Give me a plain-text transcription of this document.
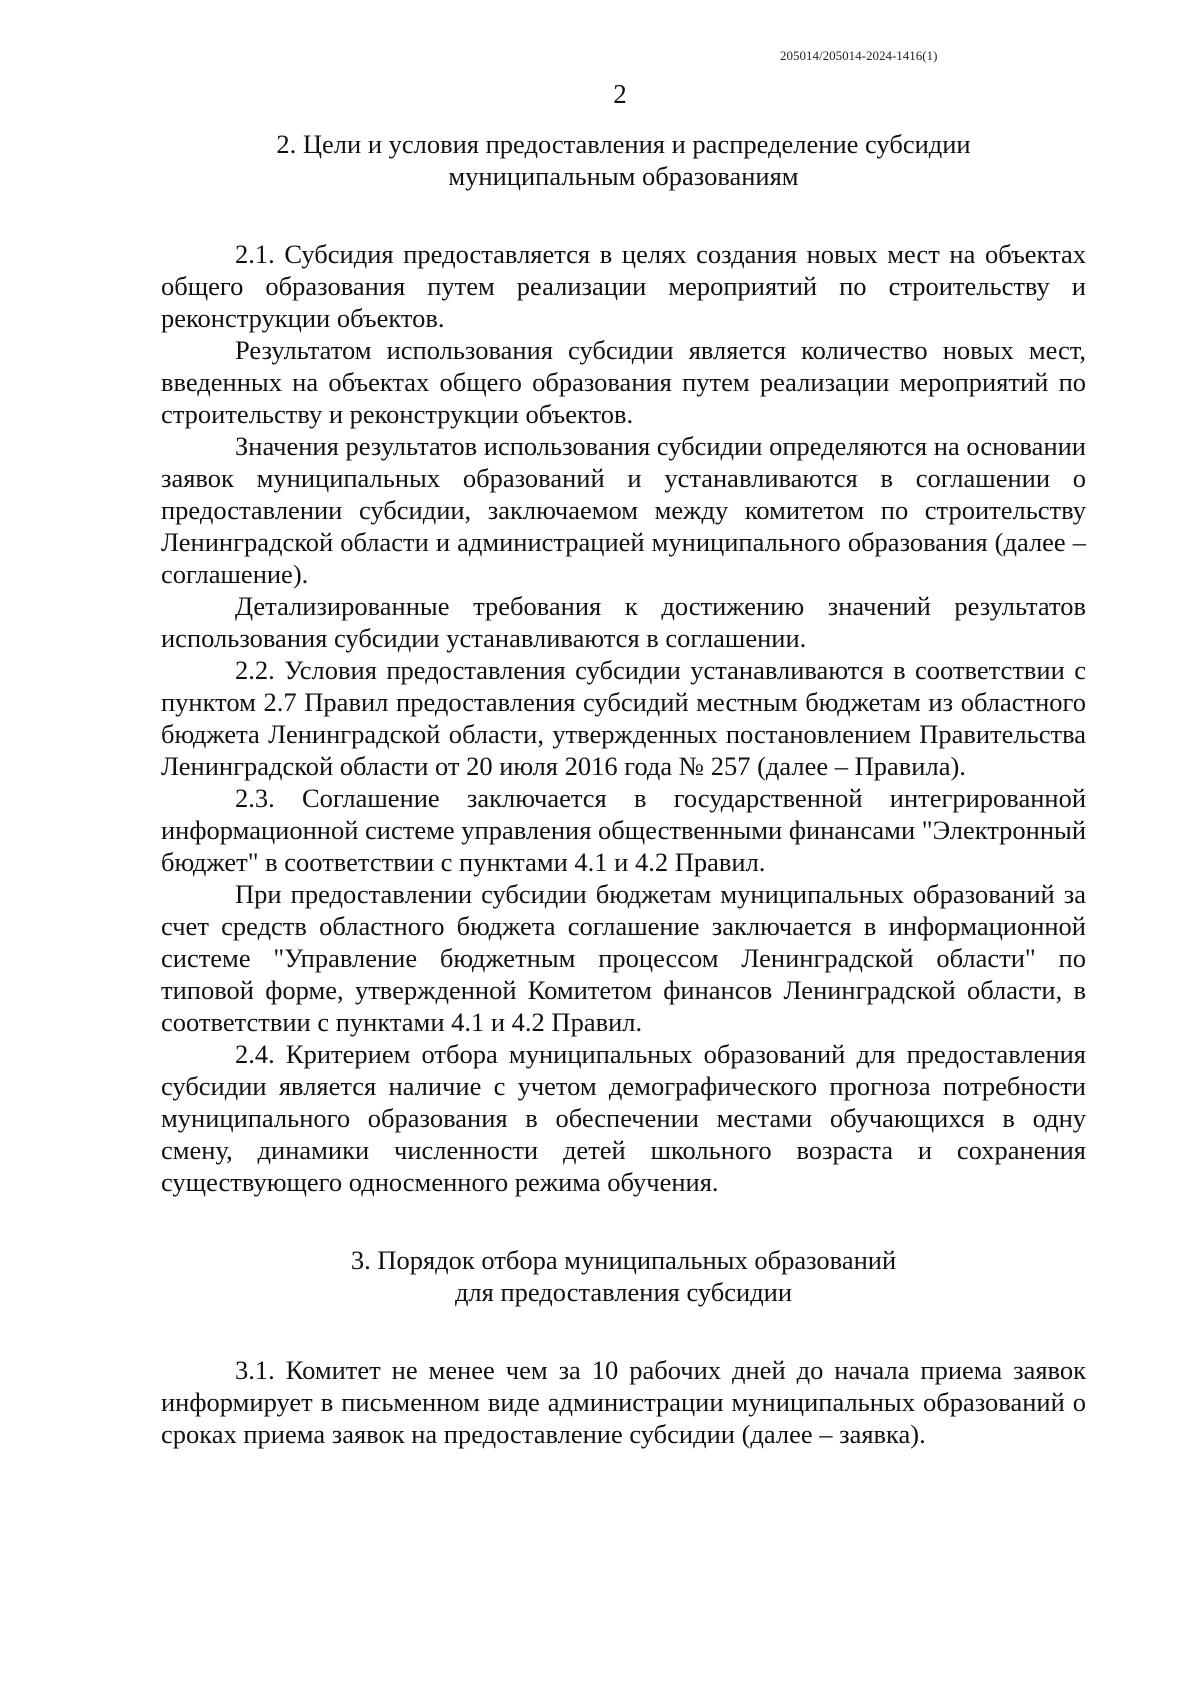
205014/205014-2024-1416(1)
2
2. Цели и условия предоставления и распределение субсидии
муниципальным образованиям

2.1. Субсидия предоставляется в целях создания новых мест на объектах общего образования путем реализации мероприятий по строительству и реконструкции объектов.

Результатом использования субсидии является количество новых мест, введенных на объектах общего образования путем реализации мероприятий по строительству и реконструкции объектов.

Значения результатов использования субсидии определяются на основании заявок муниципальных образований и устанавливаются в соглашении о предоставлении субсидии, заключаемом между комитетом по строительству Ленинградской области и администрацией муниципального образования (далее – соглашение).

Детализированные требования к достижению значений результатов использования субсидии устанавливаются в соглашении.

2.2. Условия предоставления субсидии устанавливаются в соответствии с пунктом 2.7 Правил предоставления субсидий местным бюджетам из областного бюджета Ленинградской области, утвержденных постановлением Правительства Ленинградской области от 20 июля 2016 года № 257 (далее – Правила).

2.3. Соглашение заключается в государственной интегрированной информационной системе управления общественными финансами "Электронный бюджет" в соответствии с пунктами 4.1 и 4.2 Правил.

При предоставлении субсидии бюджетам муниципальных образований за счет средств областного бюджета соглашение заключается в информационной системе "Управление бюджетным процессом Ленинградской области" по типовой форме, утвержденной Комитетом финансов Ленинградской области, в соответствии с пунктами 4.1 и 4.2 Правил.

2.4. Критерием отбора муниципальных образований для предоставления субсидии является наличие с учетом демографического прогноза потребности муниципального образования в обеспечении местами обучающихся в одну смену, динамики численности детей школьного возраста и сохранения существующего односменного режима обучения.

3. Порядок отбора муниципальных образований
для предоставления субсидии

3.1. Комитет не менее чем за 10 рабочих дней до начала приема заявок информирует в письменном виде администрации муниципальных образований о сроках приема заявок на предоставление субсидии (далее – заявка).
